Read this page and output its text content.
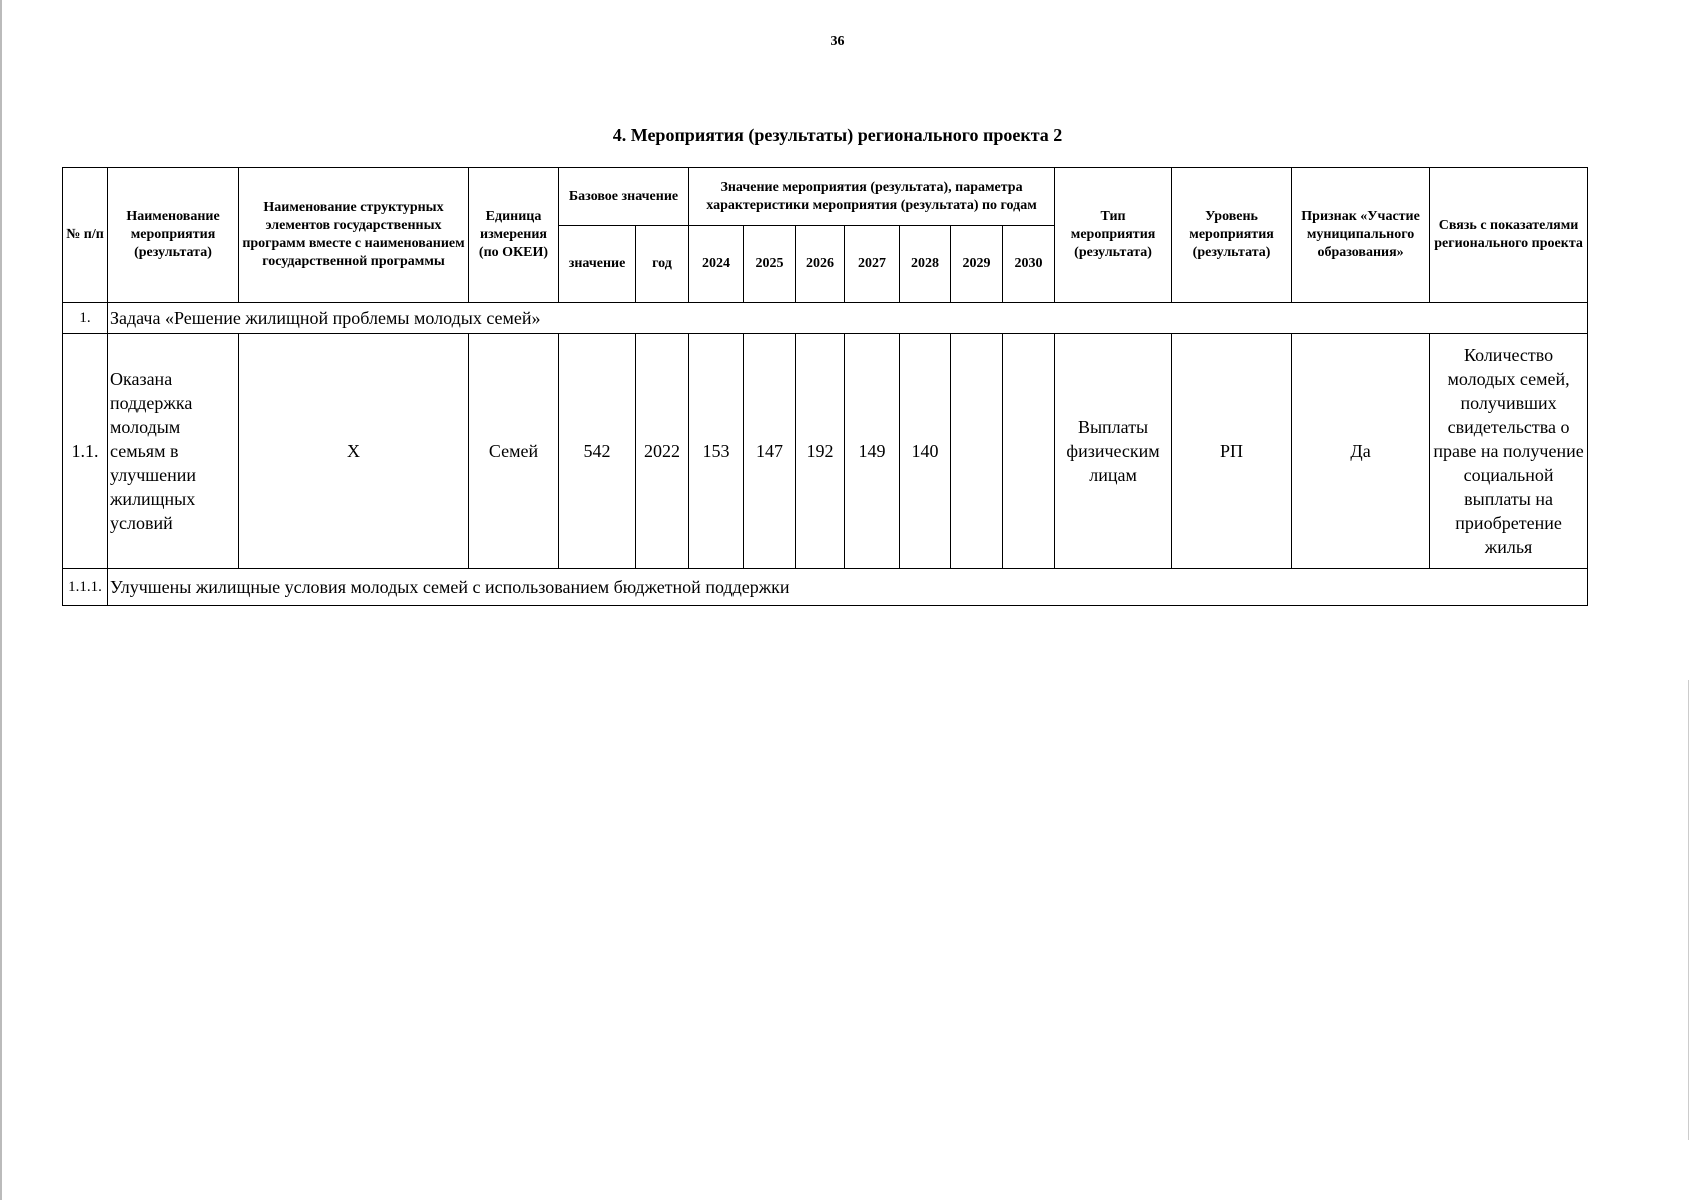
36
4. Мероприятия (результаты) регионального проекта 2
№ п/п	Наименование мероприятия (результата)	Наименование структурных элементов государственных программ вместе с наименованием государственной программы	Единица измерения (по ОКЕИ)	Базовое значение		Значение мероприятия (результата), параметра характеристики мероприятия (результата) по годам							Тип мероприятия (результата)	Уровень мероприятия (результата)	Признак «Участие муниципального образования»	Связь с показателями регионального проекта
				значение	год	2024	2025	2026	2027	2028	2029	2030				
1.	Задача «Решение жилищной проблемы молодых семей»															
1.1.	Оказана поддержка молодым семьям в улучшении жилищных условий	X	Семей	542	2022	153	147	192	149	140			Выплаты физическим лицам	РП	Да	Количество молодых семей, получивших свидетельства о праве на получение социальной выплаты на приобретение жилья
1.1.1.	Улучшены жилищные условия молодых семей с использованием бюджетной поддержки															
